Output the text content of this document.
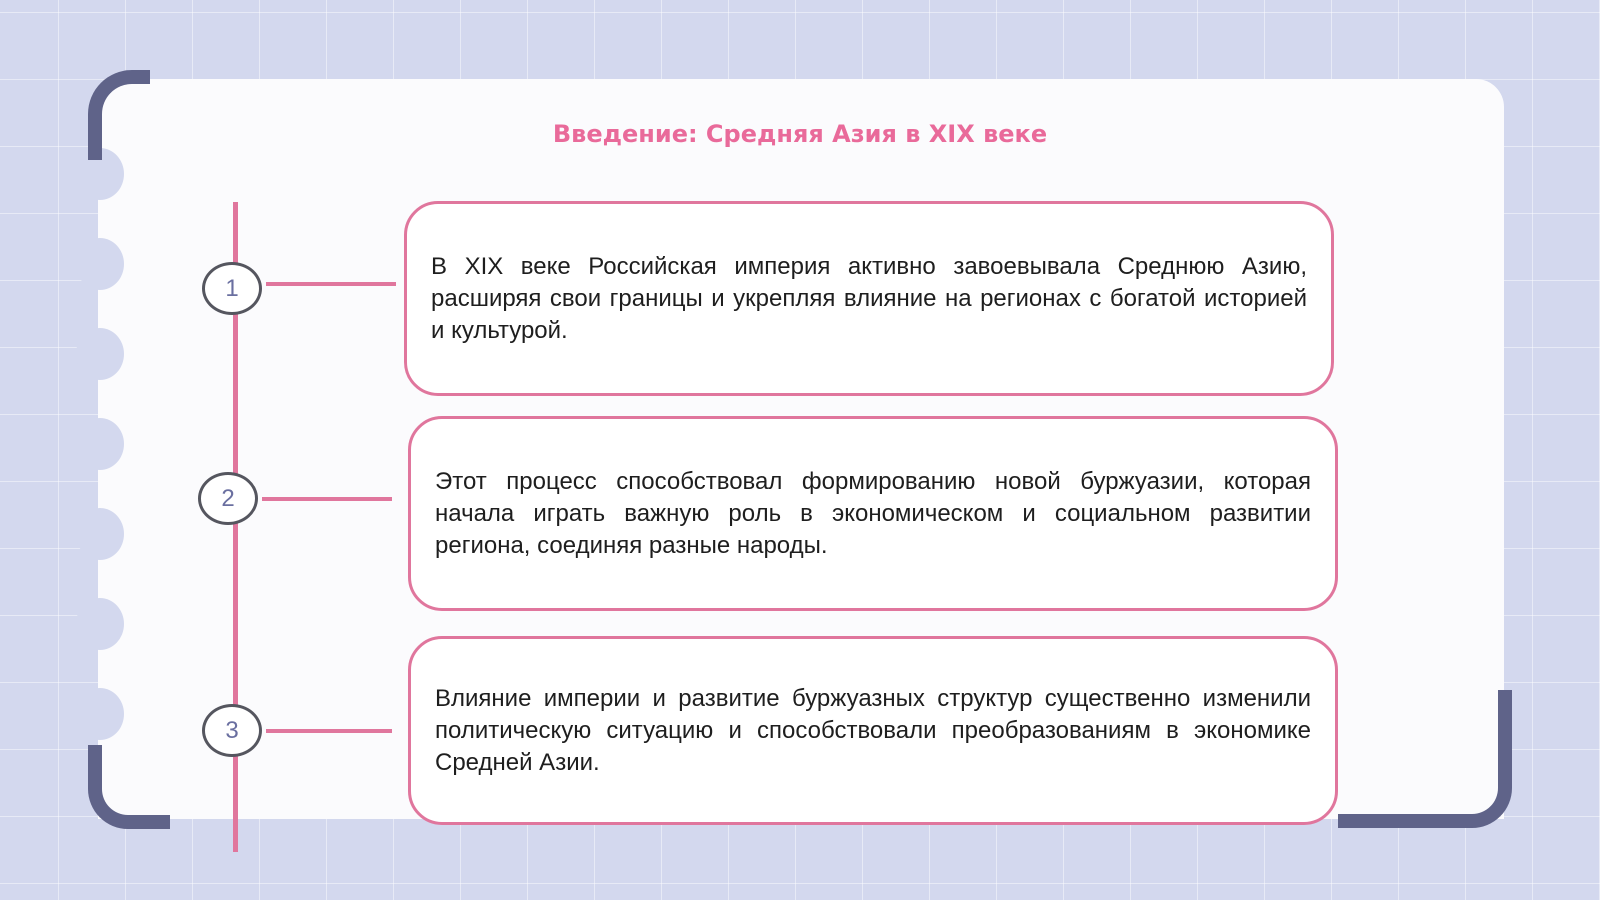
Введение: Средняя Азия в XIX веке
1

В XIX веке Российская империя активно завоевывала Среднюю Азию, расширяя свои границы и укрепляя влияние на регионах с богатой историей и культурой.

2

Этот процесс способствовал формированию новой буржуазии, которая начала играть важную роль в экономическом и социальном развитии региона, соединяя разные народы.

3

Влияние империи и развитие буржуазных структур существенно изменили политическую ситуацию и способствовали преобразованиям в экономике Средней Азии.
